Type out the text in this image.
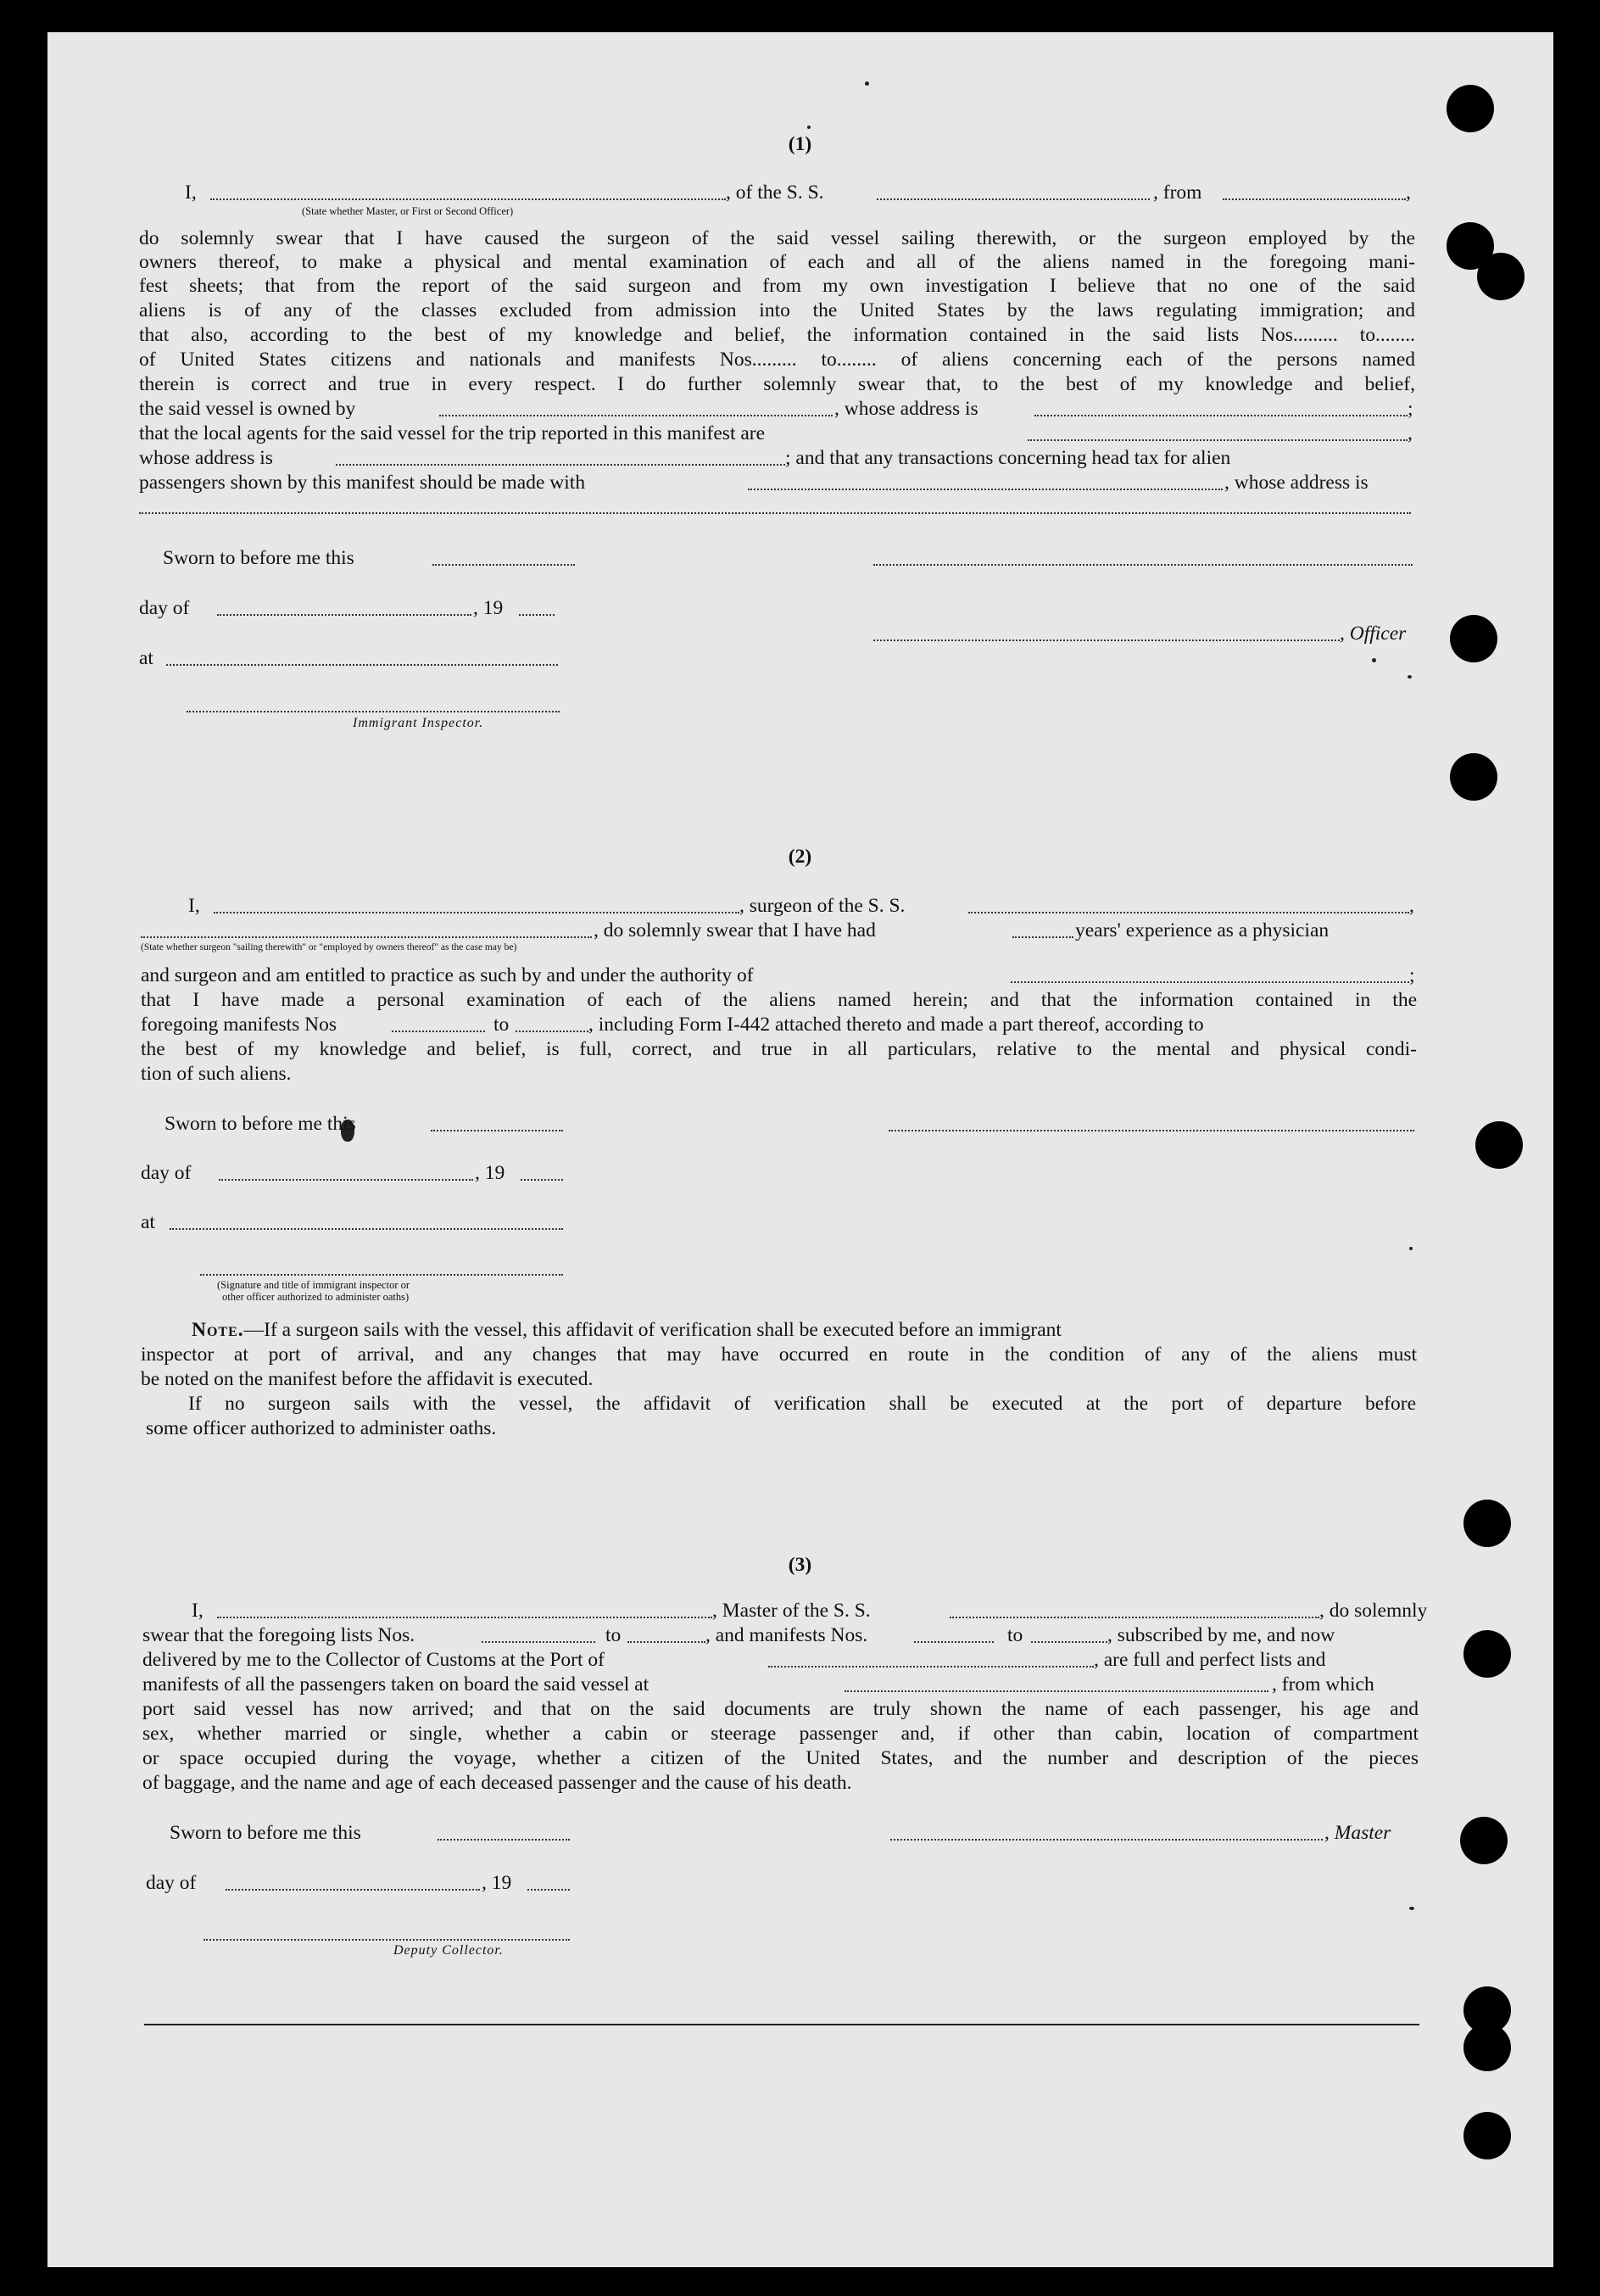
(1)
I,	, of the S. S.	, from	,
(State whether Master, or First or Second Officer)
do solemnly swear that I have caused the surgeon of the said vessel sailing therewith, or the surgeon employed by the
owners thereof, to make a physical and mental examination of each and all of the aliens named in the foregoing mani-
fest sheets; that from the report of the said surgeon and from my own investigation I believe that no one of the said
aliens is of any of the classes excluded from admission into the United States by the laws regulating immigration; and
that also, according to the best of my knowledge and belief, the information contained in the said lists Nos......... to........
of United States citizens and nationals and manifests Nos......... to........ of aliens concerning each of the persons named
therein is correct and true in every respect. I do further solemnly swear that, to the best of my knowledge and belief,
the said vessel is owned by	, whose address is	;
that the local agents for the said vessel for the trip reported in this manifest are	,
whose address is	; and that any transactions concerning head tax for alien
passengers shown by this manifest should be made with	, whose address is
Sworn to before me this
day of	, 19
, Officer
at
Immigrant Inspector.
(2)
I,	, surgeon of the S. S.	,
, do solemnly swear that I have had	years' experience as a physician
(State whether surgeon "sailing therewith" or "employed by owners thereof" as the case may be)
and surgeon and am entitled to practice as such by and under the authority of	;
that I have made a personal examination of each of the aliens named herein; and that the information contained in the
foregoing manifests Nos	to	, including Form I-442 attached thereto and made a part thereof, according to
the best of my knowledge and belief, is full, correct, and true in all particulars, relative to the mental and physical condi-
tion of such aliens.
Sworn to before me this
day of	, 19
at
(Signature and title of immigrant inspector or
other officer authorized to administer oaths)
Note.—If a surgeon sails with the vessel, this affidavit of verification shall be executed before an immigrant
inspector at port of arrival, and any changes that may have occurred en route in the condition of any of the aliens must
be noted on the manifest before the affidavit is executed.
If no surgeon sails with the vessel, the affidavit of verification shall be executed at the port of departure before
some officer authorized to administer oaths.
(3)
I,	, Master of the S. S.	, do solemnly
swear that the foregoing lists Nos.	to	, and manifests Nos.	to	, subscribed by me, and now
delivered by me to the Collector of Customs at the Port of	, are full and perfect lists and
manifests of all the passengers taken on board the said vessel at	, from which
port said vessel has now arrived; and that on the said documents are truly shown the name of each passenger, his age and
sex, whether married or single, whether a cabin or steerage passenger and, if other than cabin, location of compartment
or space occupied during the voyage, whether a citizen of the United States, and the number and description of the pieces
of baggage, and the name and age of each deceased passenger and the cause of his death.
Sworn to before me this	, Master
day of	, 19
Deputy Collector.
